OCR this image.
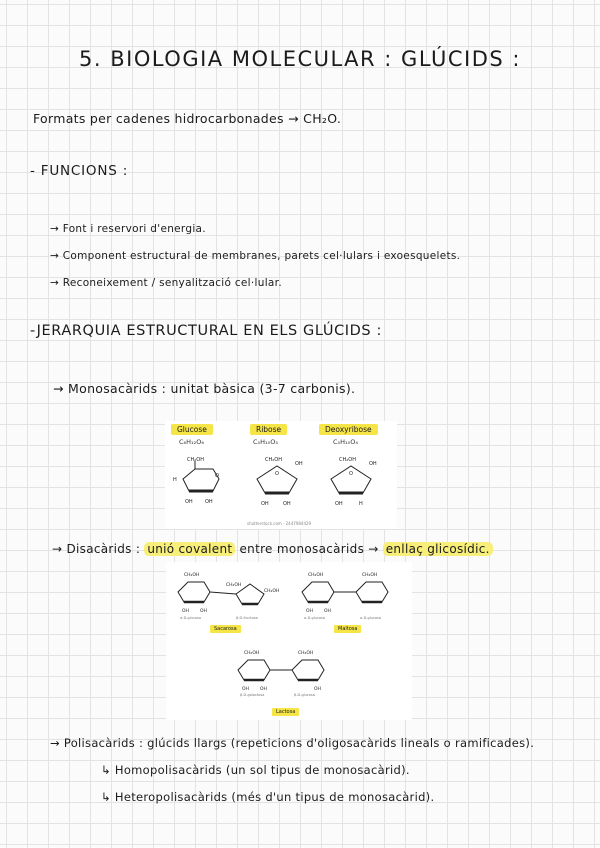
5. BIOLOGIA MOLECULAR : GLÚCIDS :
Formats per cadenes hidrocarbonades → CH₂O.
- FUNCIONS :
→ Font i reservori d'energia.
→ Component estructural de membranes, parets cel·lulars i exoesquelets.
→ Reconeixement / senyalització cel·lular.
-JERARQUIA ESTRUCTURAL EN ELS GLÚCIDS :
→ Monosacàrids : unitat bàsica (3-7 carbonis).
Glucose	Ribose	Deoxyribose
C₆H₁₂O₆	C₅H₁₀O₅	C₅H₁₀O₄
CH₂OH
O
H
OH OH
CH₂OH
OH
O
OH	OH
CH₂OH
OH
O
OH	H
shutterstock.com · 2447984429
→ Disacàrids : unió covalent entre monosacàrids → enllaç glicosídic.
CH₂OH
CH₂OH
CH₂OH
CH₂OH	CH₂OH
CH₂OH	CH₂OH
OH OH	OH OH
OH OH	OH
α-D-glucosa	β-D-fructosa	α-D-glucosa	α-D-glucosa
β-D-galactosa	β-D-glucosa
Sacarosa	Maltosa
Lactosa
→ Polisacàrids : glúcids llargs (repeticions d'oligosacàrids lineals o ramificades).
↳ Homopolisacàrids (un sol tipus de monosacàrid).
↳ Heteropolisacàrids (més d'un tipus de monosacàrid).
